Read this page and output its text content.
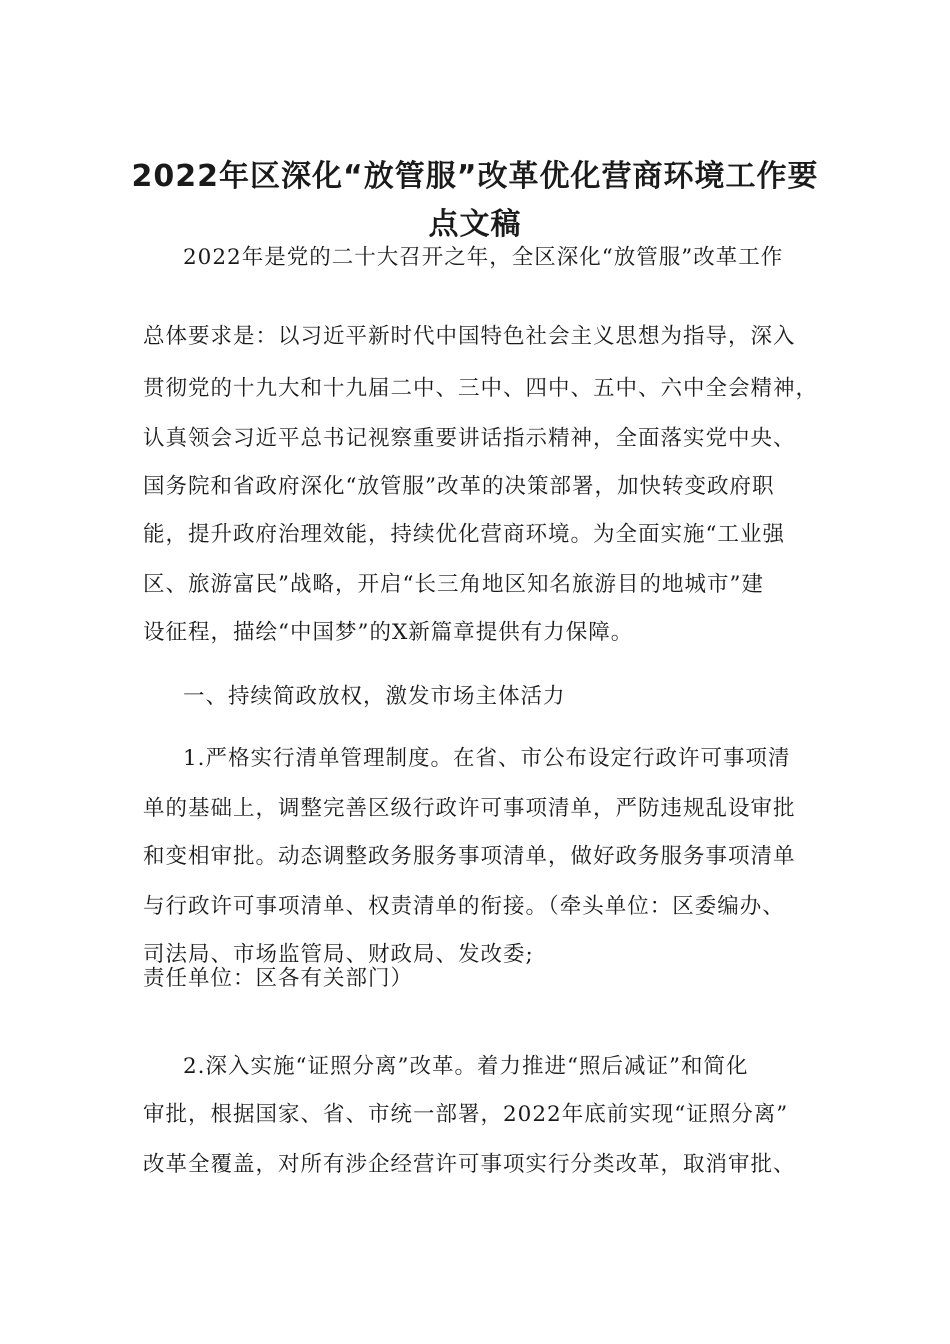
2022年区深化“放管服”改革优化营商环境工作要
点文稿

2022年是党的二十大召开之年，全区深化“放管服”改革工作

总体要求是：以习近平新时代中国特色社会主义思想为指导，深入

贯彻党的十九大和十九届二中、三中、四中、五中、六中全会精神，

认真领会习近平总书记视察重要讲话指示精神，全面落实党中央、

国务院和省政府深化“放管服”改革的决策部署，加快转变政府职

能，提升政府治理效能，持续优化营商环境。为全面实施“工业强

区、旅游富民”战略，开启“长三角地区知名旅游目的地城市”建

设征程，描绘“中国梦”的X新篇章提供有力保障。

一、持续简政放权，激发市场主体活力

1.严格实行清单管理制度。在省、市公布设定行政许可事项清

单的基础上，调整完善区级行政许可事项清单，严防违规乱设审批

和变相审批。动态调整政务服务事项清单，做好政务服务事项清单

与行政许可事项清单、权责清单的衔接。（牵头单位：区委编办、

司法局、市场监管局、财政局、发改委;

责任单位：区各有关部门）

2.深入实施“证照分离”改革。着力推进“照后减证”和简化

审批，根据国家、省、市统一部署，2022年底前实现“证照分离”

改革全覆盖，对所有涉企经营许可事项实行分类改革，取消审批、
